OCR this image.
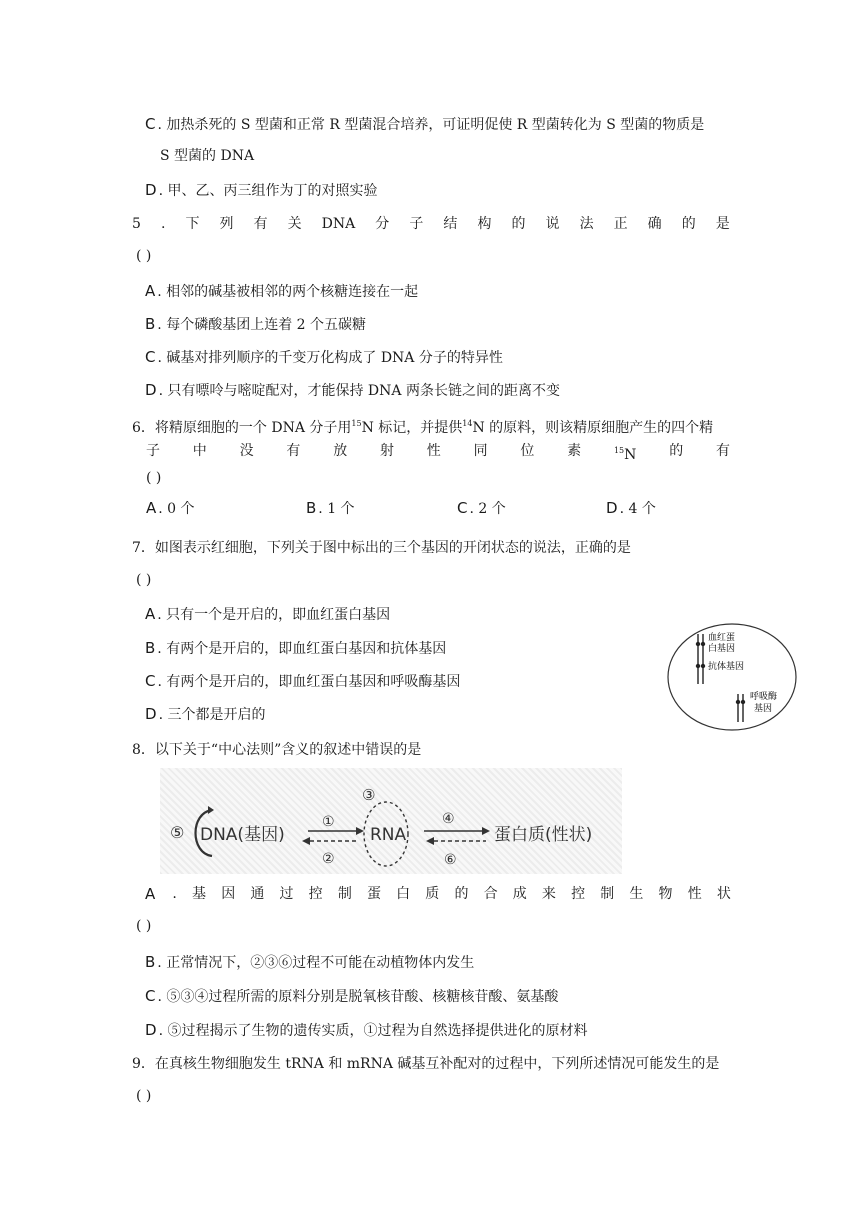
C . 加热杀死的 S 型菌和正常 R 型菌混合培养，可证明促使 R 型菌转化为 S 型菌的物质是
S 型菌的 DNA
D . 甲、乙、丙三组作为丁的对照实验
5 . 下 列 有 关 DNA 分 子 结 构 的 说 法 正 确 的 是
( )
A . 相邻的碱基被相邻的两个核糖连接在一起
B . 每个磷酸基团上连着 2 个五碳糖
C . 碱基对排列顺序的千变万化构成了 DNA 分子的特异性
D . 只有嘌呤与嘧啶配对，才能保持 DNA 两条长链之间的距离不变
6．将精原细胞的一个 DNA 分子用$^{15}$N 标记，并提供$^{14}$N 的原料，则该精原细胞产生的四个精
子 中 没 有 放 射 性 同 位 素	$^{15}$N 的 有
( )
A . 0 个	B . 1 个	C . 2 个	D . 4 个
7．如图表示红细胞，下列关于图中标出的三个基因的开闭状态的说法，正确的是
( )
A . 只有一个是开启的，即血红蛋白基因
B . 有两个是开启的，即血红蛋白基因和抗体基因
C . 有两个是开启的，即血红蛋白基因和呼吸酶基因
D . 三个都是开启的
血红蛋
白基因
抗体基因
呼吸酶
基因
8．以下关于“中心法则”含义的叙述中错误的是
⑤ DNA(基因)
①
②
③
RNA
④
⑥
蛋白质(性状)
A . 基 因 通 过 控 制 蛋 白 质 的 合 成 来 控 制 生 物 性 状
( )
B . 正常情况下，②③⑥过程不可能在动植物体内发生
C . ⑤③④过程所需的原料分别是脱氧核苷酸、核糖核苷酸、氨基酸
D . ⑤过程揭示了生物的遗传实质，①过程为自然选择提供进化的原材料
9．在真核生物细胞发生 tRNA 和 mRNA 碱基互补配对的过程中，下列所述情况可能发生的是
( )
